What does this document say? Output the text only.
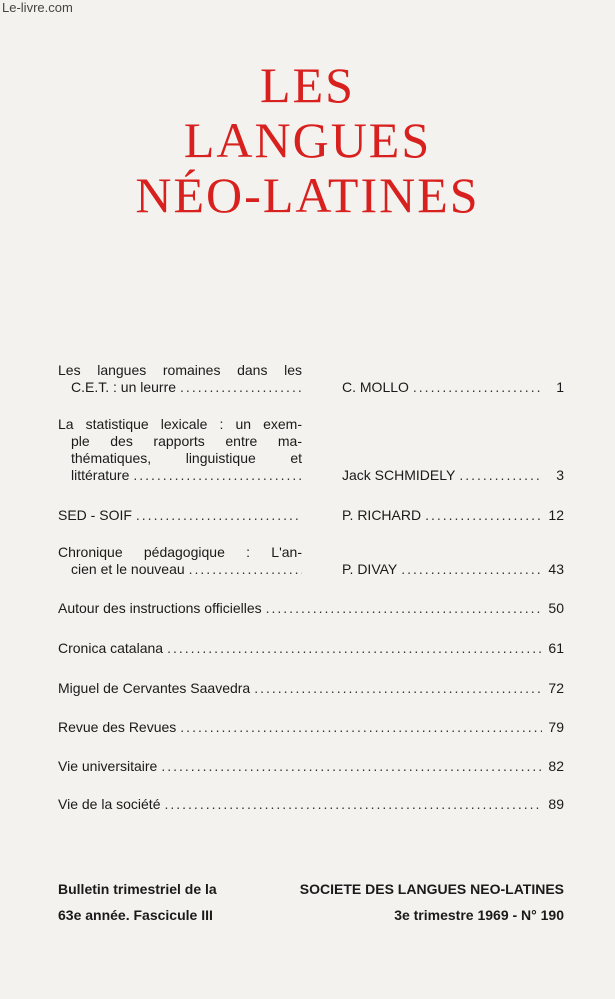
Le-livre.com
LES
LANGUES
NÉO-LATINES
Les langues romaines dans les
C.E.T. : un leurre .....	C. MOLLO .....	1
La statistique lexicale : un exem-
ple des rapports entre ma-
thématiques, linguistique et
littérature .....	Jack SCHMIDELY .....	3
SED - SOIF .....	P. RICHARD .....	12
Chronique pédagogique : L'an-
cien et le nouveau .....	P. DIVAY .....	43
Autour des instructions officielles .....	50
Cronica catalana .....	61
Miguel de Cervantes Saavedra .....	72
Revue des Revues .....	79
Vie universitaire .....	82
Vie de la société .....	89
Bulletin trimestriel de la	SOCIETE DES LANGUES NEO-LATINES
63e année. Fascicule III	3e trimestre 1969 - N° 190
